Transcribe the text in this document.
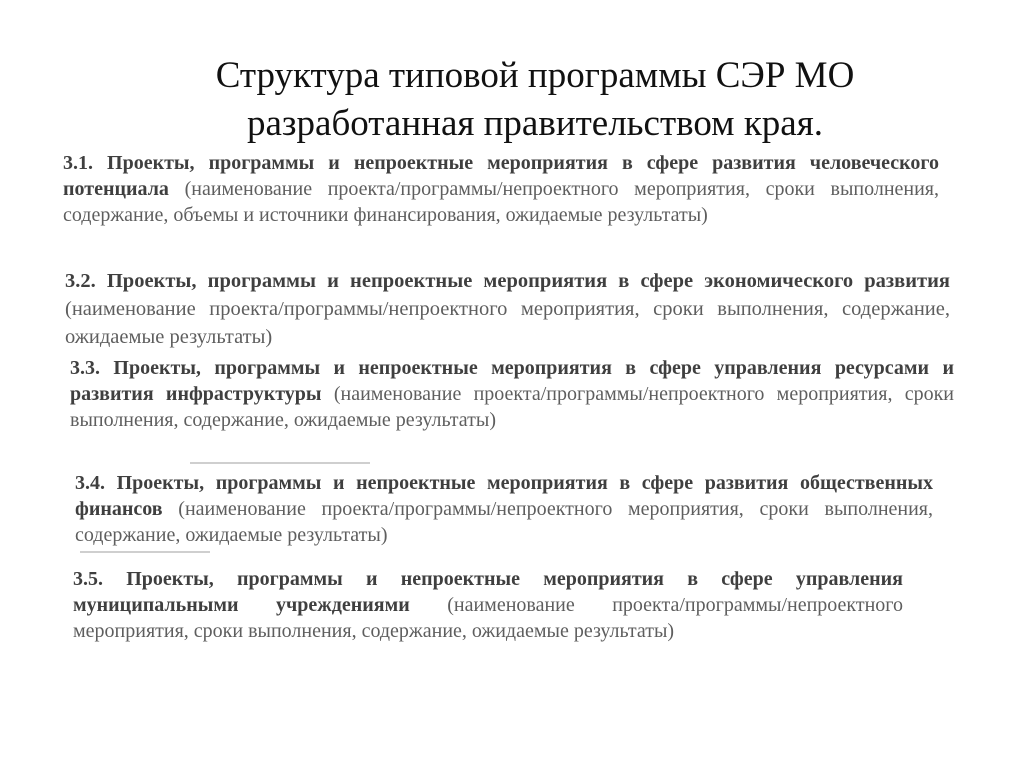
Структура типовой программы СЭР МО
разработанная правительством края.
3.1. Проекты, программы и непроектные мероприятия в сфере развития человеческого потенциала (наименование проекта/программы/непроектного мероприятия, сроки выполнения, содержание, объемы и источники финансирования, ожидаемые результаты)
3.2. Проекты, программы и непроектные мероприятия в сфере экономического развития (наименование проекта/программы/непроектного мероприятия, сроки выполнения, содержание, ожидаемые результаты)
3.3. Проекты, программы и непроектные мероприятия в сфере управления ресурсами и развития инфраструктуры (наименование проекта/программы/непроектного мероприятия, сроки выполнения, содержание, ожидаемые результаты)
3.4. Проекты, программы и непроектные мероприятия в сфере развития общественных финансов (наименование проекта/программы/непроектного мероприятия, сроки выполнения, содержание, ожидаемые результаты)
3.5. Проекты, программы и непроектные мероприятия в сфере управления муниципальными учреждениями (наименование проекта/программы/непроектного мероприятия, сроки выполнения, содержание, ожидаемые результаты)
